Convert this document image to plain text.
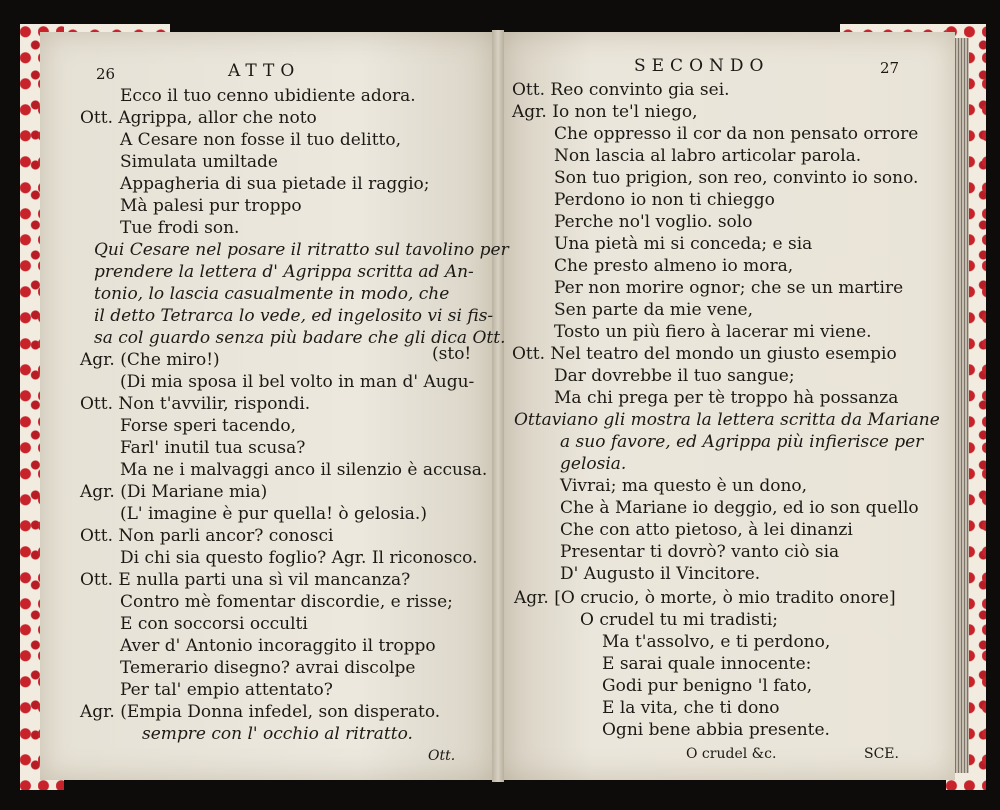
26	ATTO
Ecco il tuo cenno ubidiente adora.
Ott. Agrippa, allor che noto
A Cesare non fosse il tuo delitto,
Simulata umiltade
Appagheria di sua pietade il raggio;
Mà palesi pur troppo
Tue frodi son.
Qui Cesare nel posare il ritratto sul tavolino per
prendere la lettera d' Agrippa scritta ad An-
tonio, lo lascia casualmente in modo, che
il detto Tetrarca lo vede, ed ingelosito vi si fis-
sa col guardo senza più badare che gli dica Ott.
Agr. (Che miro!)	(sto!
(Di mia sposa il bel volto in man d' Augu-
Ott. Non t'avvilir, rispondi.
Forse speri tacendo,
Farl' inutil tua scusa?
Ma ne i malvaggi anco il silenzio è accusa.
Agr. (Di Mariane mia)
(L' imagine è pur quella! ò gelosia.)
Ott. Non parli ancor? conosci
Di chi sia questo foglio? Agr. Il riconosco.
Ott. E nulla parti una sì vil mancanza?
Contro mè fomentar discordie, e risse;
E con soccorsi occulti
Aver d' Antonio incoraggito il troppo
Temerario disegno? avrai discolpe
Per tal' empio attentato?
Agr. (Empia Donna infedel, son disperato.
sempre con l' occhio al ritratto.
Ott.
SECONDO	27
Ott. Reo convinto gia sei.
Agr. Io non te'l niego,
Che oppresso il cor da non pensato orrore
Non lascia al labro articolar parola.
Son tuo prigion, son reo, convinto io sono.
Perdono io non ti chieggo
Perche no'l voglio. solo
Una pietà mi si conceda; e sia
Che presto almeno io mora,
Per non morire ognor; che se un martire
Sen parte da mie vene,
Tosto un più fiero à lacerar mi viene.
Ott. Nel teatro del mondo un giusto esempio
Dar dovrebbe il tuo sangue;
Ma chi prega per tè troppo hà possanza
Ottaviano gli mostra la lettera scritta da Mariane
a suo favore, ed Agrippa più infierisce per
gelosia.
Vivrai; ma questo è un dono,
Che à Mariane io deggio, ed io son quello
Che con atto pietoso, à lei dinanzi
Presentar ti dovrò? vanto ciò sia
D' Augusto il Vincitore.
Agr. [O crucio, ò morte, ò mio tradito onore]
O crudel tu mi tradisti;
Ma t'assolvo, e ti perdono,
E sarai quale innocente:
Godi pur benigno 'l fato,
E la vita, che ti dono
Ogni bene abbia presente.
O crudel &c.	SCE.
